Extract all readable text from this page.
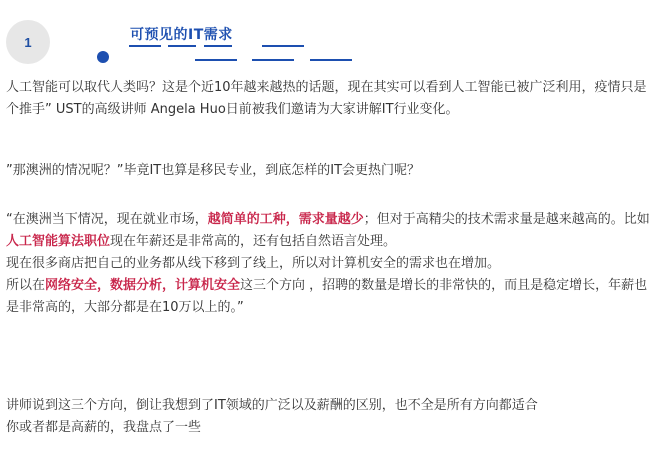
1	可预见的IT需求

人工智能可以取代人类吗？这是个近10年越来越热的话题，现在其实可以看到人工智能已被广泛利用，疫情只是个推手” UST的高级讲师 Angela Huo日前被我们邀请为大家讲解IT行业变化。

”那澳洲的情况呢？”毕竟IT也算是移民专业，到底怎样的IT会更热门呢？

“在澳洲当下情况，现在就业市场，越简单的工种，需求量越少；但对于高精尖的技术需求量是越来越高的。比如人工智能算法职位现在年薪还是非常高的，还有包括自然语言处理。

现在很多商店把自己的业务都从线下移到了线上，所以对计算机安全的需求也在增加。

所以在网络安全，数据分析，计算机安全这三个方向 ，招聘的数量是增长的非常快的，而且是稳定增长，年薪也是非常高的，大部分都是在10万以上的。”

讲师说到这三个方向，倒让我想到了IT领域的广泛以及薪酬的区别，也不全是所有方向都适合

你或者都是高薪的，我盘点了一些
